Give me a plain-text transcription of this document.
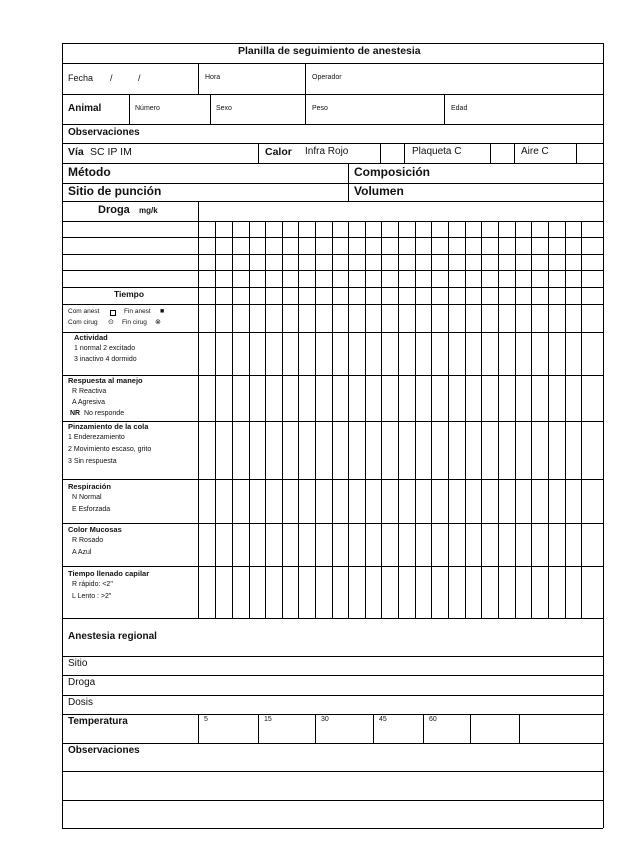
Planilla de seguimiento de anestesia
Fecha /	/	Hora	Operador
Animal	Número	Sexo	Peso	Edad
Observaciones
Vía SC IP IM	Calor Infra Rojo	Plaqueta C	Aire C
Método	Composición
Sitio de punción	Volumen
Droga mg/k
Tiempo
Com anest	Fin anest ■
Com cirug ⊙ Fin cirug ⊗
Actividad
1 normal 2 excitado
3 inactivo 4 dormido
Respuesta al manejo
R Reactiva
A Agresiva
NR No responde
Pinzamiento de la cola
1 Enderezamiento
2 Movimiento escaso, grito
3 Sin respuesta
Respiración
N Normal
E Esforzada
Color Mucosas
R Rosado
A Azul
Tiempo llenado capilar
R rápido: <2"
L Lento : >2"
Anestesia regional
Sitio
Droga
Dosis
Temperatura	5	15	30	45	60
Observaciones
